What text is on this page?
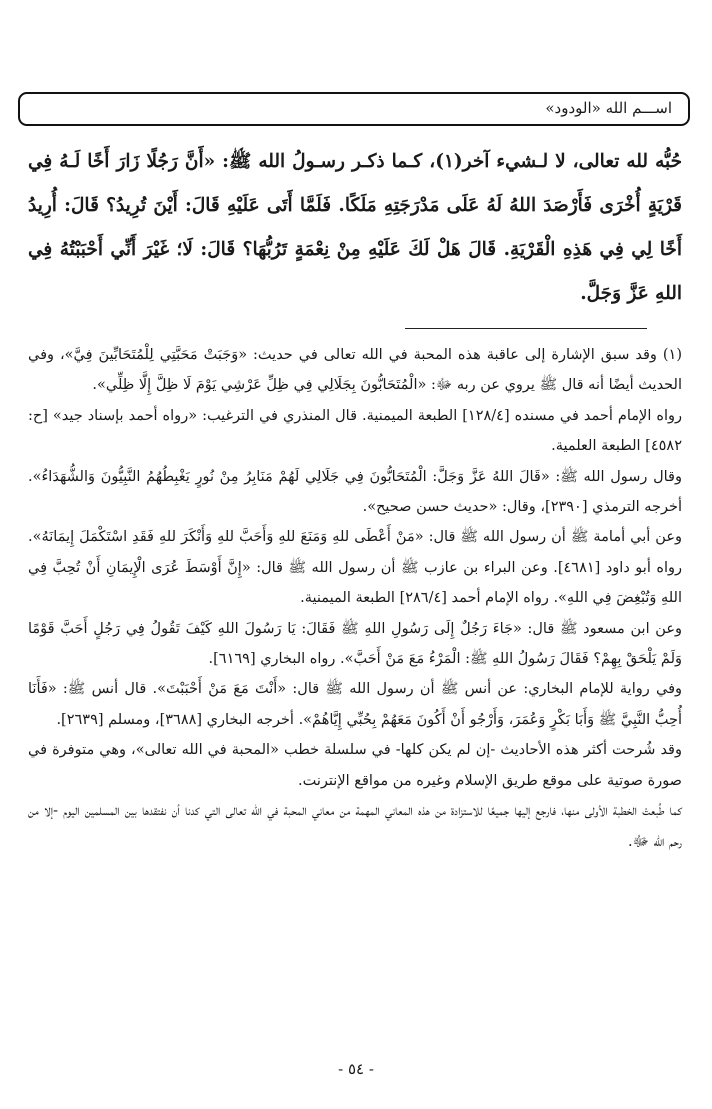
اســـم الله «الودود»

حُبُّه لله تعالى، لا لـشيء آخر(١)، كـما ذكـر رسـولُ الله ﷺ: «أَنَّ رَجُلًا زَارَ أَخًا لَـهُ فِي قَرْيَةٍ أُخْرَى فَأَرْصَدَ اللهُ لَهُ عَلَى مَدْرَجَتِهِ مَلَكًا. فَلَمَّا أَتَى عَلَيْهِ قَالَ: أَيْنَ تُرِيدُ؟ قَالَ: أُرِيدُ أَخًا لِي فِي هَذِهِ الْقَرْيَةِ. قَالَ هَلْ لَكَ عَلَيْهِ مِنْ نِعْمَةٍ تَرُبُّهَا؟ قَالَ: لَا؛ غَيْرَ أَنِّي أَحْبَبْتُهُ فِي اللهِ عَزَّ وَجَلَّ.

(١) وقد سبق الإشارة إلى عاقبة هذه المحبة في الله تعالى في حديث: «وَجَبَتْ مَحَبَّتِي لِلْمُتَحَابِّينَ فِيَّ»، وفي الحديث أيضًا أنه قال ﷺ يروي عن ربه ﷻ: «الْمُتَحَابُّونَ بِجَلَالِي فِي ظِلِّ عَرْشِي يَوْمَ لَا ظِلَّ إِلَّا ظِلِّي».

رواه الإمام أحمد في مسنده [١٢٨/٤] الطبعة الميمنية. قال المنذري في الترغيب: «رواه أحمد بإسناد جيد» [ح: ٤٥٨٢] الطبعة العلمية.

وقال رسول الله ﷺ: «قَالَ اللهُ عَزَّ وَجَلَّ: الْمُتَحَابُّونَ فِي جَلَالِي لَهُمْ مَنَابِرُ مِنْ نُورٍ يَغْبِطُهُمُ النَّبِيُّونَ وَالشُّهَدَاءُ». أخرجه الترمذي [٢٣٩٠]، وقال: «حديث حسن صحيح».

وعن أبي أمامة ﷺ أن رسول الله ﷺ قال: «مَنْ أَعْطَى للهِ وَمَنَعَ للهِ وَأَحَبَّ للهِ وَأَنْكَرَ للهِ فَقَدِ اسْتَكْمَلَ إِيمَانَهُ». رواه أبو داود [٤٦٨١]. وعن البراء بن عازب ﷺ أن رسول الله ﷺ قال: «إِنَّ أَوْسَطَ عُرَى الْإِيمَانِ أَنْ تُحِبَّ فِي اللهِ وَتُبْغِضَ فِي اللهِ». رواه الإمام أحمد [٢٨٦/٤] الطبعة الميمنية.

وعن ابن مسعود ﷺ قال: «جَاءَ رَجُلٌ إِلَى رَسُولِ اللهِ ﷺ فَقَالَ: يَا رَسُولَ اللهِ كَيْفَ تَقُولُ فِي رَجُلٍ أَحَبَّ قَوْمًا وَلَمْ يَلْحَقْ بِهِمْ؟ فَقَالَ رَسُولُ اللهِ ﷺ: الْمَرْءُ مَعَ مَنْ أَحَبَّ». رواه البخاري [٦١٦٩].

وفي رواية للإمام البخاري: عن أنس ﷺ أن رسول الله ﷺ قال: «أَنْتَ مَعَ مَنْ أَحْبَبْتَ». قال أنس ﷺ: «فَأَنَا أُحِبُّ النَّبِيَّ ﷺ وَأَبَا بَكْرٍ وَعُمَرَ، وَأَرْجُو أَنْ أَكُونَ مَعَهُمْ بِحُبِّي إِيَّاهُمْ». أخرجه البخاري [٣٦٨٨]، ومسلم [٢٦٣٩].

وقد شُرحت أكثر هذه الأحاديث -إن لم يكن كلها- في سلسلة خطب «المحبة في الله تعالى»، وهي متوفرة في صورة صوتية على موقع طريق الإسلام وغيره من مواقع الإنترنت.

كما طُبعتْ الخطبة الأولى منها، فارجع إليها جميعًا للاستزادة من هذه المعاني المهمة من معاني المحبة في الله تعالى التي كدنا أن نفتقدها بين المسلمين اليوم -إلا من رحم الله ﷻ.

- ٥٤ -
